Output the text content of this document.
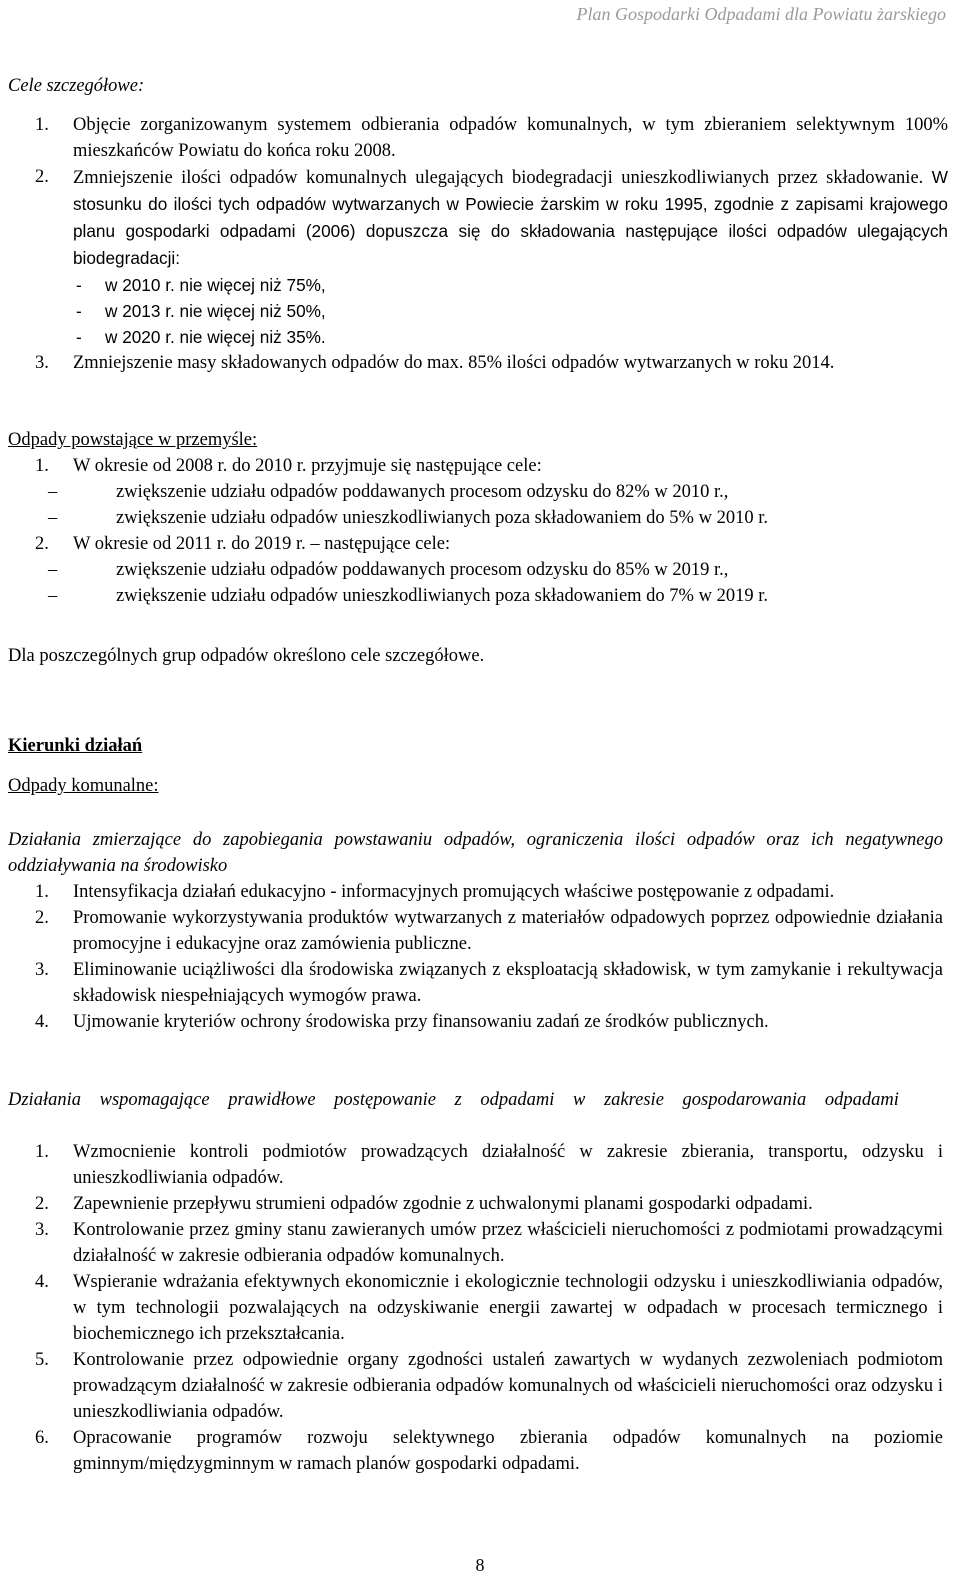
Plan Gospodarki Odpadami dla Powiatu żarskiego

Cele szczegółowe:

1. Objęcie zorganizowanym systemem odbierania odpadów komunalnych, w tym zbieraniem selektywnym 100% mieszkańców Powiatu do końca roku 2008.
2. Zmniejszenie ilości odpadów komunalnych ulegających biodegradacji unieszkodliwianych przez składowanie. W stosunku do ilości tych odpadów wytwarzanych w Powiecie żarskim w roku 1995, zgodnie z zapisami krajowego planu gospodarki odpadami (2006) dopuszcza się do składowania następujące ilości odpadów ulegających biodegradacji:
- w 2010 r. nie więcej niż 75%,
- w 2013 r. nie więcej niż 50%,
- w 2020 r. nie więcej niż 35%.
3. Zmniejszenie masy składowanych odpadów do max. 85% ilości odpadów wytwarzanych w roku 2014.

Odpady powstające w przemyśle:

1. W okresie od 2008 r. do 2010 r. przyjmuje się następujące cele:
–	zwiększenie udziału odpadów poddawanych procesom odzysku do 82% w 2010 r.,
–	zwiększenie udziału odpadów unieszkodliwianych poza składowaniem do 5% w 2010 r.
2. W okresie od 2011 r. do 2019 r. – następujące cele:
–	zwiększenie udziału odpadów poddawanych procesom odzysku do 85% w 2019 r.,
–	zwiększenie udziału odpadów unieszkodliwianych poza składowaniem do 7% w 2019 r.

Dla poszczególnych grup odpadów określono cele szczegółowe.

Kierunki działań

Odpady komunalne:

Działania zmierzające do zapobiegania powstawaniu odpadów, ograniczenia ilości odpadów oraz ich negatywnego oddziaływania na środowisko

1. Intensyfikacja działań edukacyjno - informacyjnych promujących właściwe postępowanie z odpadami.
2. Promowanie wykorzystywania produktów wytwarzanych z materiałów odpadowych poprzez odpowiednie działania promocyjne i edukacyjne oraz zamówienia publiczne.
3. Eliminowanie uciążliwości dla środowiska związanych z eksploatacją składowisk, w tym zamykanie i rekultywacja składowisk niespełniających wymogów prawa.
4. Ujmowanie kryteriów ochrony środowiska przy finansowaniu zadań ze środków publicznych.

Działania wspomagające prawidłowe postępowanie z odpadami w zakresie gospodarowania odpadami

1. Wzmocnienie kontroli podmiotów prowadzących działalność w zakresie zbierania, transportu, odzysku i unieszkodliwiania odpadów.
2. Zapewnienie przepływu strumieni odpadów zgodnie z uchwalonymi planami gospodarki odpadami.
3. Kontrolowanie przez gminy stanu zawieranych umów przez właścicieli nieruchomości z podmiotami prowadzącymi działalność w zakresie odbierania odpadów komunalnych.
4. Wspieranie wdrażania efektywnych ekonomicznie i ekologicznie technologii odzysku i unieszkodliwiania odpadów, w tym technologii pozwalających na odzyskiwanie energii zawartej w odpadach w procesach termicznego i biochemicznego ich przekształcania.
5. Kontrolowanie przez odpowiednie organy zgodności ustaleń zawartych w wydanych zezwoleniach podmiotom prowadzącym działalność w zakresie odbierania odpadów komunalnych od właścicieli nieruchomości oraz odzysku i unieszkodliwiania odpadów.
6. Opracowanie programów rozwoju selektywnego zbierania odpadów komunalnych na poziomie gminnym/międzygminnym w ramach planów gospodarki odpadami.
8
